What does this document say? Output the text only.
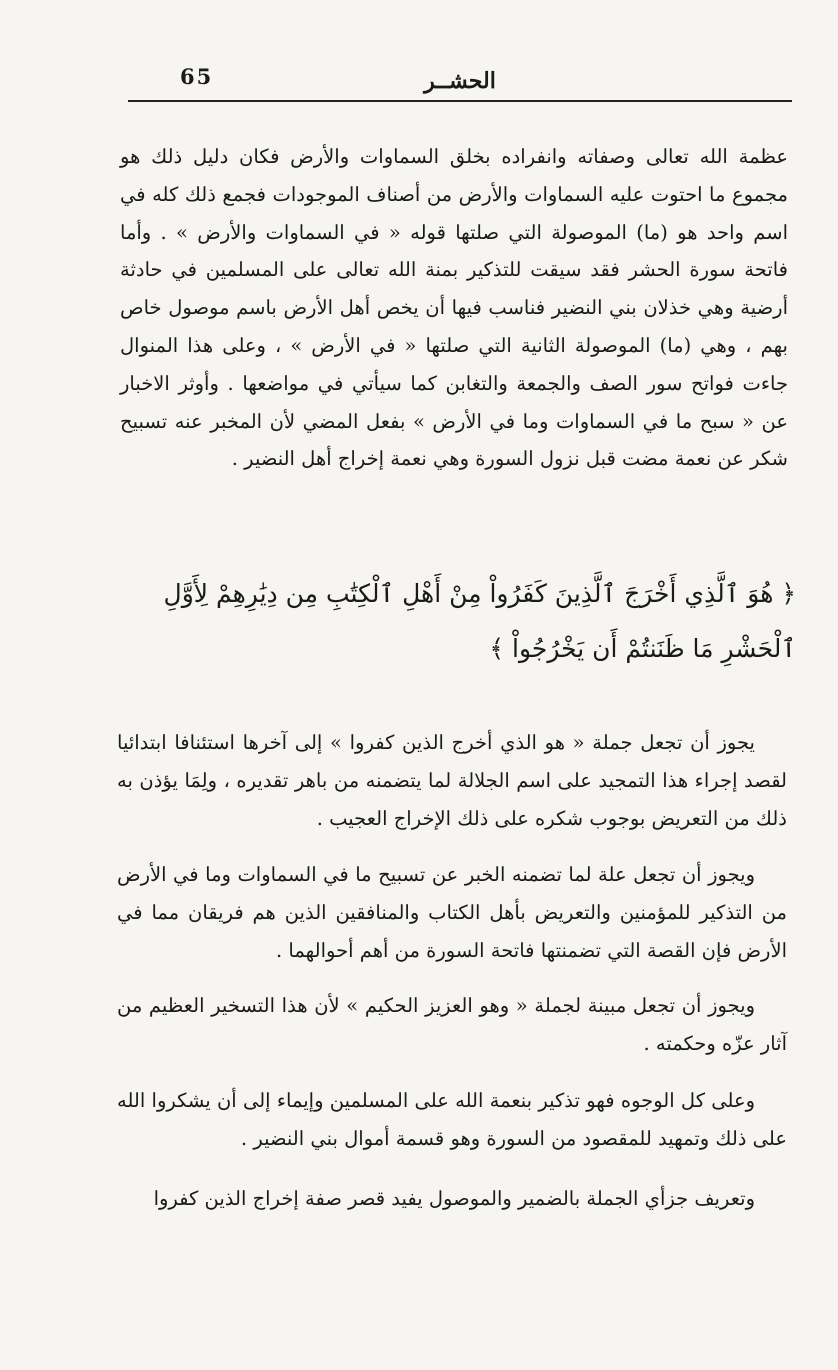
65	الحشــر
عظمة الله تعالى وصفاته وانفراده بخلق السماوات والأرض فكان دليل ذلك هو مجموع ما احتوت عليه السماوات والأرض من أصناف الموجودات فجمع ذلك كله في اسم واحد هو (ما) الموصولة التي صلتها قوله « في السماوات والأرض » . وأما فاتحة سورة الحشر فقد سيقت للتذكير بمنة الله تعالى على المسلمين في حادثة أرضية وهي خذلان بني النضير فناسب فيها أن يخص أهل الأرض باسم موصول خاص بهم ، وهي (ما) الموصولة الثانية التي صلتها « في الأرض » ، وعلى هذا المنوال جاءت فواتح سور الصف والجمعة والتغابن كما سيأتي في مواضعها . وأوثر الاخبار عن « سبح ما في السماوات وما في الأرض » بفعل المضي لأن المخبر عنه تسبيح شكر عن نعمة مضت قبل نزول السورة وهي نعمة إخراج أهل النضير .
﴿ هُوَ ٱلَّذِي أَخْرَجَ ٱلَّذِينَ كَفَرُواْ مِنْ أَهْلِ ٱلْكِتَٰبِ مِن دِيَٰرِهِمْ لِأَوَّلِ ٱلْحَشْرِ مَا ظَنَنتُمْ أَن يَخْرُجُواْ ﴾
يجوز أن تجعل جملة « هو الذي أخرج الذين كفروا » إلى آخرها استئنافا ابتدائيا لقصد إجراء هذا التمجيد على اسم الجلالة لما يتضمنه من باهر تقديره ، ولِمَا يؤذن به ذلك من التعريض بوجوب شكره على ذلك الإخراج العجيب .
ويجوز أن تجعل علة لما تضمنه الخبر عن تسبيح ما في السماوات وما في الأرض من التذكير للمؤمنين والتعريض بأهل الكتاب والمنافقين الذين هم فريقان مما في الأرض فإن القصة التي تضمنتها فاتحة السورة من أهم أحوالهما .
ويجوز أن تجعل مبينة لجملة « وهو العزيز الحكيم » لأن هذا التسخير العظيم من آثار عزّه وحكمته .
وعلى كل الوجوه فهو تذكير بنعمة الله على المسلمين وإيماء إلى أن يشكروا الله على ذلك وتمهيد للمقصود من السورة وهو قسمة أموال بني النضير .
وتعريف جزأي الجملة بالضمير والموصول يفيد قصر صفة إخراج الذين كفروا
